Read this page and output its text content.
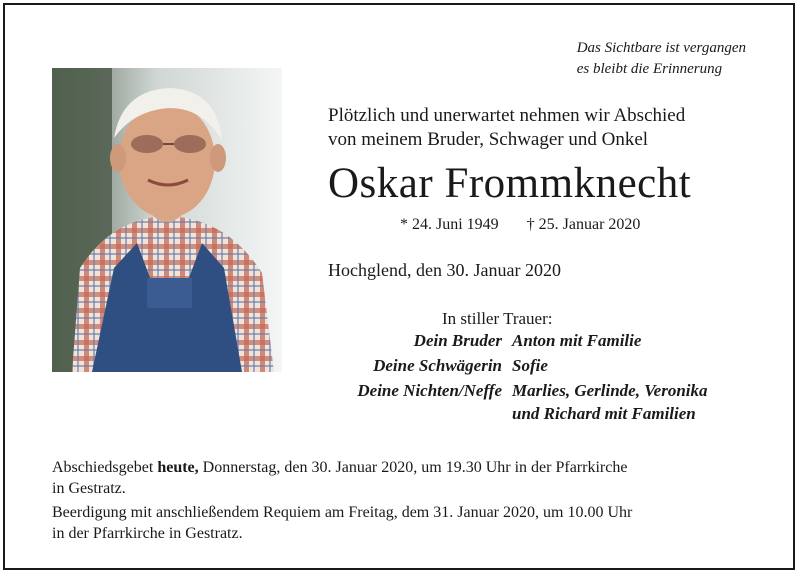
Das Sichtbare ist vergangen
es bleibt die Erinnerung
Plötzlich und unerwartet nehmen wir Abschied
von meinem Bruder, Schwager und Onkel
Oskar Frommknecht
* 24. Juni 1949 † 25. Januar 2020
Hochglend, den 30. Januar 2020
In stiller Trauer:
Dein Bruder Anton mit Familie
Deine Schwägerin Sofie
Deine Nichten/Neffe Marlies, Gerlinde, Veronika
und Richard mit Familien
Abschiedsgebet heute, Donnerstag, den 30. Januar 2020, um 19.30 Uhr in der Pfarrkirche
in Gestratz.
Beerdigung mit anschließendem Requiem am Freitag, dem 31. Januar 2020, um 10.00 Uhr
in der Pfarrkirche in Gestratz.
